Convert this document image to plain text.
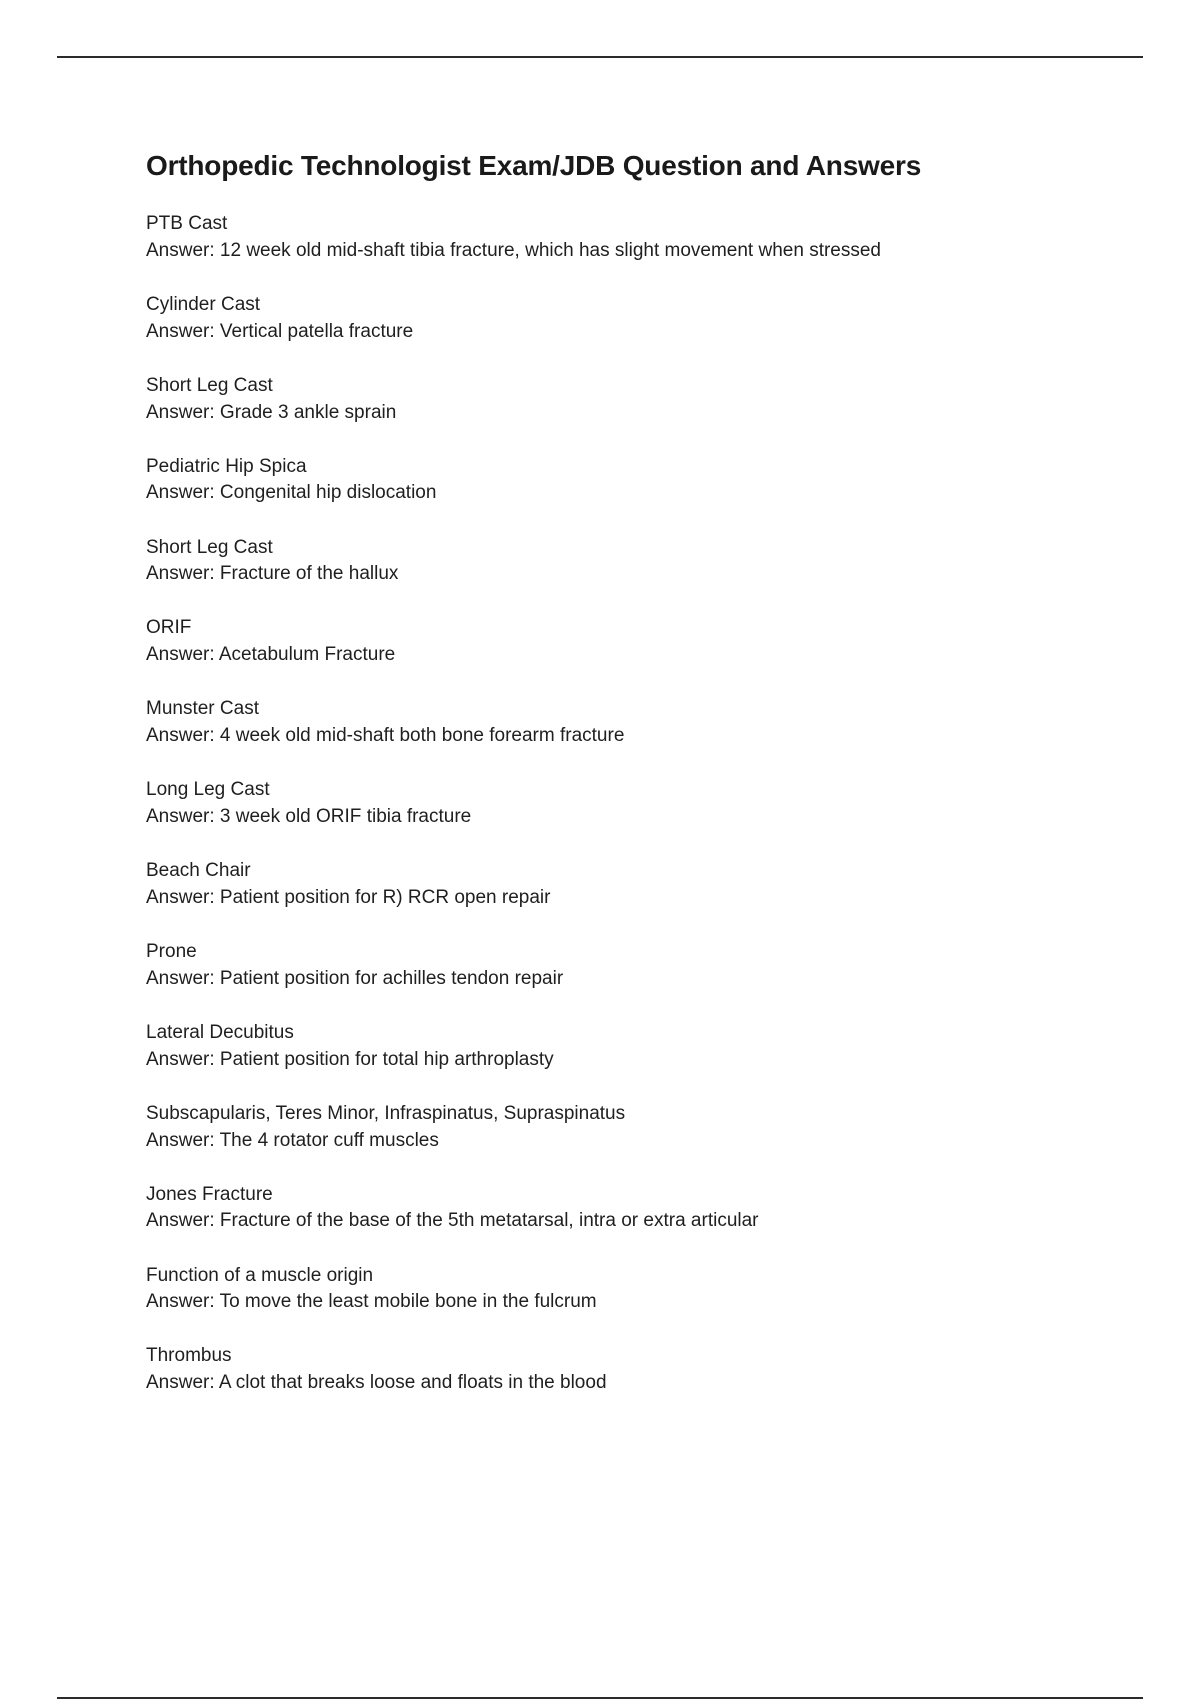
Orthopedic Technologist Exam/JDB Question and Answers
PTB Cast
Answer: 12 week old mid-shaft tibia fracture, which has slight movement when stressed
Cylinder Cast
Answer: Vertical patella fracture
Short Leg Cast
Answer: Grade 3 ankle sprain
Pediatric Hip Spica
Answer: Congenital hip dislocation
Short Leg Cast
Answer: Fracture of the hallux
ORIF
Answer: Acetabulum Fracture
Munster Cast
Answer: 4 week old mid-shaft both bone forearm fracture
Long Leg Cast
Answer: 3 week old ORIF tibia fracture
Beach Chair
Answer: Patient position for R) RCR open repair
Prone
Answer: Patient position for achilles tendon repair
Lateral Decubitus
Answer: Patient position for total hip arthroplasty
Subscapularis, Teres Minor, Infraspinatus, Supraspinatus
Answer: The 4 rotator cuff muscles
Jones Fracture
Answer: Fracture of the base of the 5th metatarsal, intra or extra articular
Function of a muscle origin
Answer: To move the least mobile bone in the fulcrum
Thrombus
Answer: A clot that breaks loose and floats in the blood
